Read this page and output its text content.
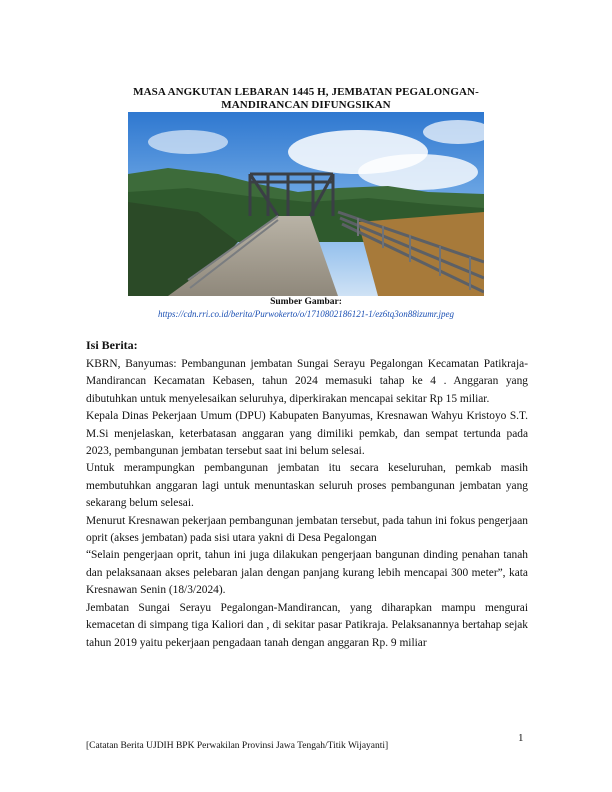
MASA ANGKUTAN LEBARAN 1445 H, JEMBATAN PEGALONGAN-
MANDIRANCAN DIFUNGSIKAN
Sumber Gambar:
https://cdn.rri.co.id/berita/Purwokerto/o/1710802186121-1/ez6tq3on88izumr.jpeg
Isi Berita:

KBRN, Banyumas: Pembangunan jembatan Sungai Serayu Pegalongan Kecamatan Patikraja-Mandirancan Kecamatan Kebasen, tahun 2024 memasuki tahap ke 4 . Anggaran yang dibutuhkan untuk menyelesaikan seluruhya, diperkirakan mencapai sekitar Rp 15 miliar.

Kepala Dinas Pekerjaan Umum (DPU) Kabupaten Banyumas, Kresnawan Wahyu Kristoyo S.T. M.Si menjelaskan, keterbatasan anggaran yang dimiliki pemkab, dan sempat tertunda pada 2023, pembangunan jembatan tersebut saat ini belum selesai.

Untuk merampungkan pembangunan jembatan itu secara keseluruhan, pemkab masih membutuhkan anggaran lagi untuk menuntaskan seluruh proses pembangunan jembatan yang sekarang belum selesai.

Menurut Kresnawan pekerjaan pembangunan jembatan tersebut, pada tahun ini fokus pengerjaan oprit (akses jembatan) pada sisi utara yakni di Desa Pegalongan

“Selain pengerjaan oprit, tahun ini juga dilakukan pengerjaan bangunan dinding penahan tanah dan pelaksanaan akses pelebaran jalan dengan panjang kurang lebih mencapai 300 meter”, kata Kresnawan Senin (18/3/2024).

Jembatan Sungai Serayu Pegalongan-Mandirancan, yang diharapkan mampu mengurai kemacetan di simpang tiga Kaliori dan , di sekitar pasar Patikraja. Pelaksanannya bertahap sejak tahun 2019 yaitu pekerjaan pengadaan tanah dengan anggaran Rp. 9 miliar

1
[Catatan Berita UJDIH BPK Perwakilan Provinsi Jawa Tengah/Titik Wijayanti]
